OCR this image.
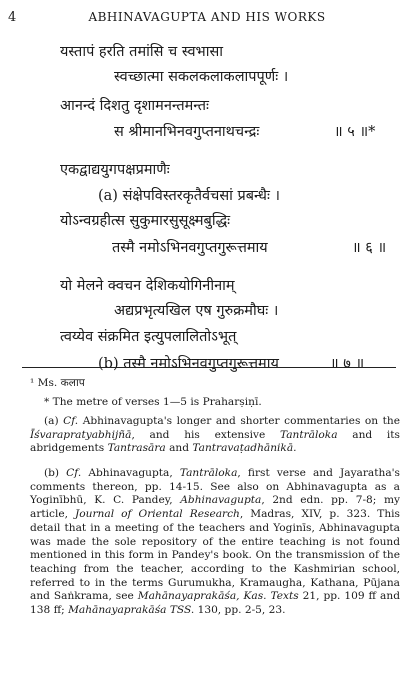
4	ABHINAVAGUPTA AND HIS WORKS
यस्तापं हरति तमांसि च स्वभासा
स्वच्छात्मा सकलकलाकलापपूर्णः ।
आनन्दं दिशतु दृशामनन्तमन्तः
स श्रीमानभिनवगुप्तनाथचन्द्रः	॥ ५ ॥*
एकद्वाद्ययुगपक्षप्रमाणैः
(a) संक्षेपविस्तरकृतैर्वचसां प्रबन्धैः ।
योऽन्वग्रहीत्स सुकुमारसुसूक्ष्मबुद्धिः
तस्मै नमोऽभिनवगुप्तगुरूत्तमाय	॥ ६ ॥
यो मेलने क्वचन देशिकयोगिनीनाम्
अद्यप्रभृत्यखिल एष गुरुक्रमौघः ।
त्वय्येव संक्रमित इत्युपलालितोऽभूत्
(b) तस्मै नमोऽभिनवगुप्तगुरूत्तमाय	॥ ७ ॥

¹ Ms. कलाप

* The metre of verses 1—5 is Praharṣiṇī.

(a) Cf. Abhinavagupta's longer and shorter commentaries on the Īśvarapratyabhijñā, and his extensive Tantrāloka and its abridgements Tantrasāra and Tantravaṭadhānikā.

(b) Cf. Abhinavagupta, Tantrāloka, first verse and Jayaratha's comments thereon, pp. 14-15. See also on Abhinavagupta as a Yoginībhū, K. C. Pandey, Abhinavagupta, 2nd edn. pp. 7-8; my article, Journal of Oriental Research, Madras, XIV, p. 323. This detail that in a meeting of the teachers and Yoginīs, Abhinavagupta was made the sole repository of the entire teaching is not found mentioned in this form in Pandey's book. On the transmission of the teaching from the teacher, according to the Kashmirian school, referred to in the terms Gurumukha, Kramaugha, Kathana, Pūjana and Saṅkrama, see Mahānayaprakāśa, Kas. Texts 21, pp. 109 ff and 138 ff; Mahānayaprakāśa TSS. 130, pp. 2-5, 23.
